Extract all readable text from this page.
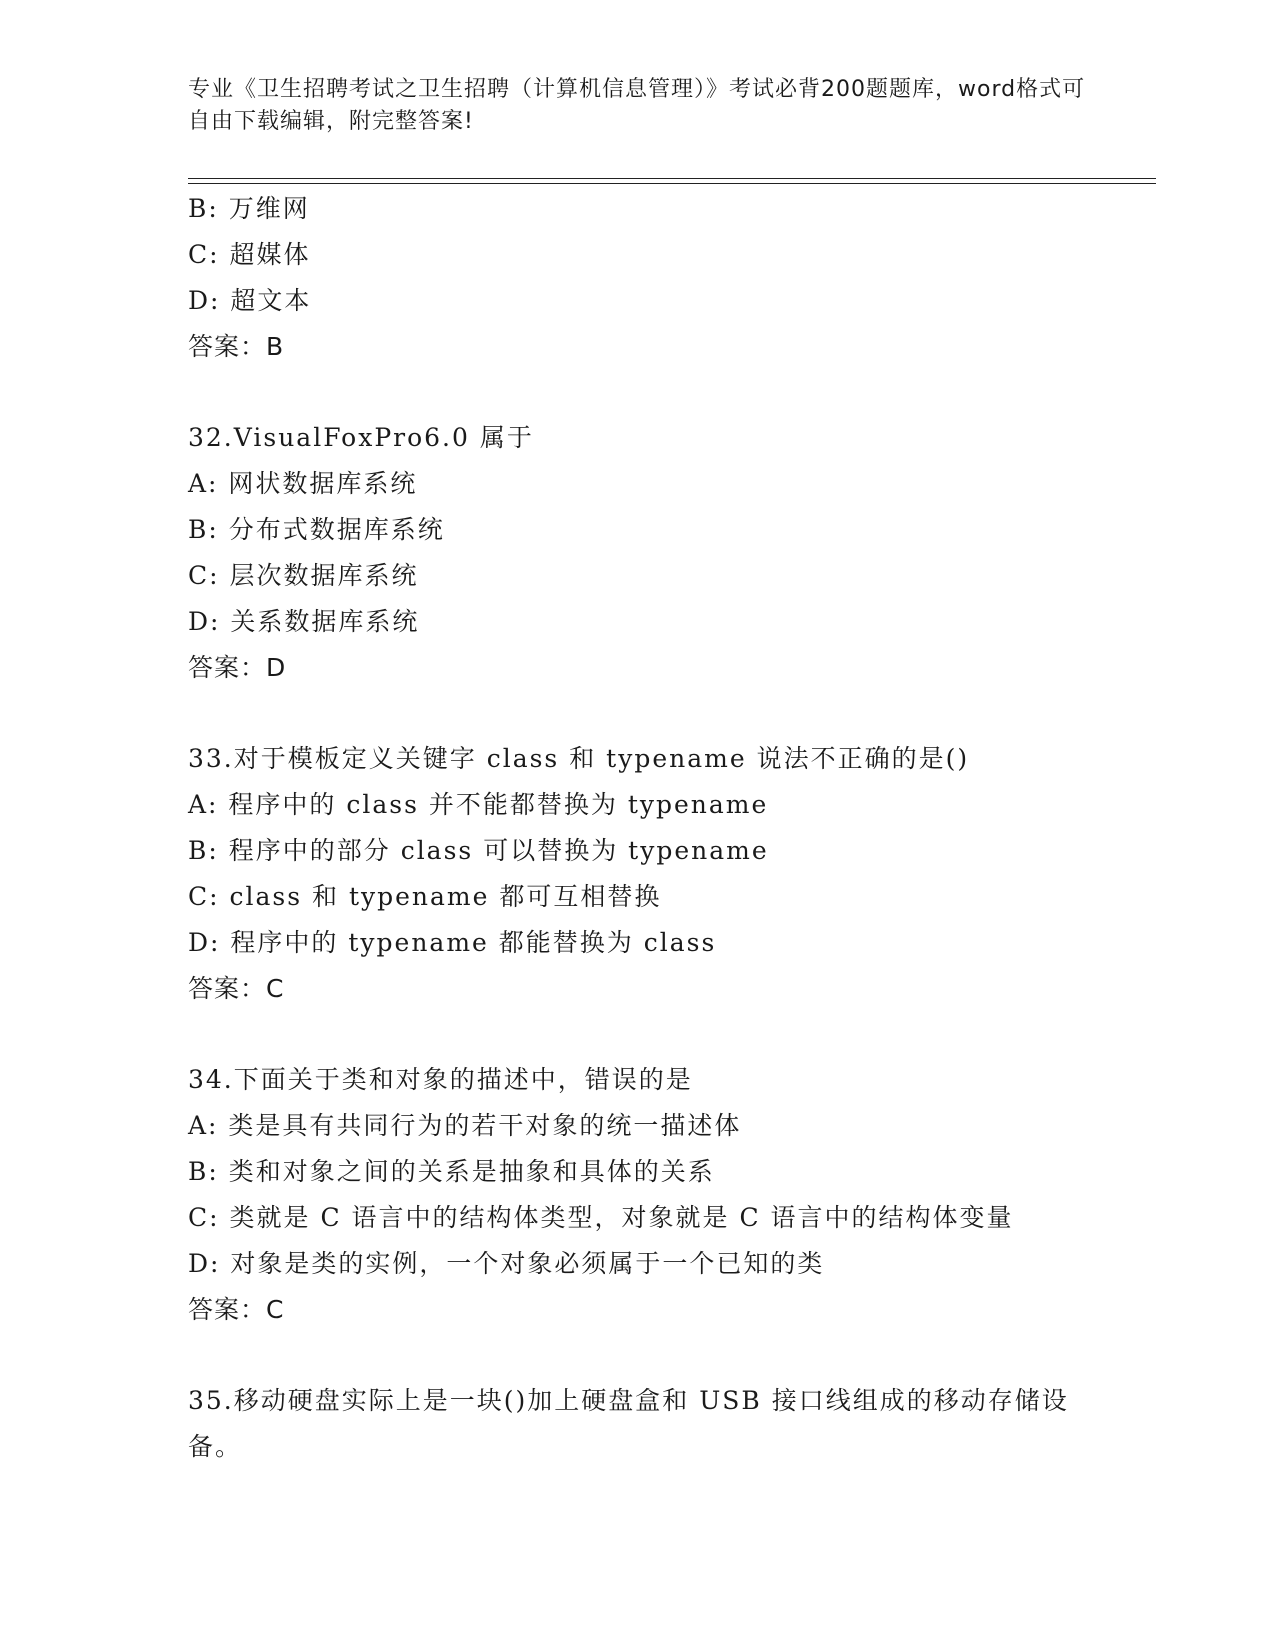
专业《卫生招聘考试之卫生招聘（计算机信息管理）》考试必背200题题库，word格式可自由下载编辑，附完整答案!
B: 万维网
C: 超媒体
D: 超文本
答案：B
32.VisualFoxPro6.0 属于
A: 网状数据库系统
B: 分布式数据库系统
C: 层次数据库系统
D: 关系数据库系统
答案：D
33.对于模板定义关键字 class 和 typename 说法不正确的是()
A: 程序中的 class 并不能都替换为 typename
B: 程序中的部分 class 可以替换为 typename
C: class 和 typename 都可互相替换
D: 程序中的 typename 都能替换为 class
答案：C
34.下面关于类和对象的描述中，错误的是
A: 类是具有共同行为的若干对象的统一描述体
B: 类和对象之间的关系是抽象和具体的关系
C: 类就是 C 语言中的结构体类型，对象就是 C 语言中的结构体变量
D: 对象是类的实例，一个对象必须属于一个已知的类
答案：C
35.移动硬盘实际上是一块()加上硬盘盒和 USB 接口线组成的移动存储设备。
